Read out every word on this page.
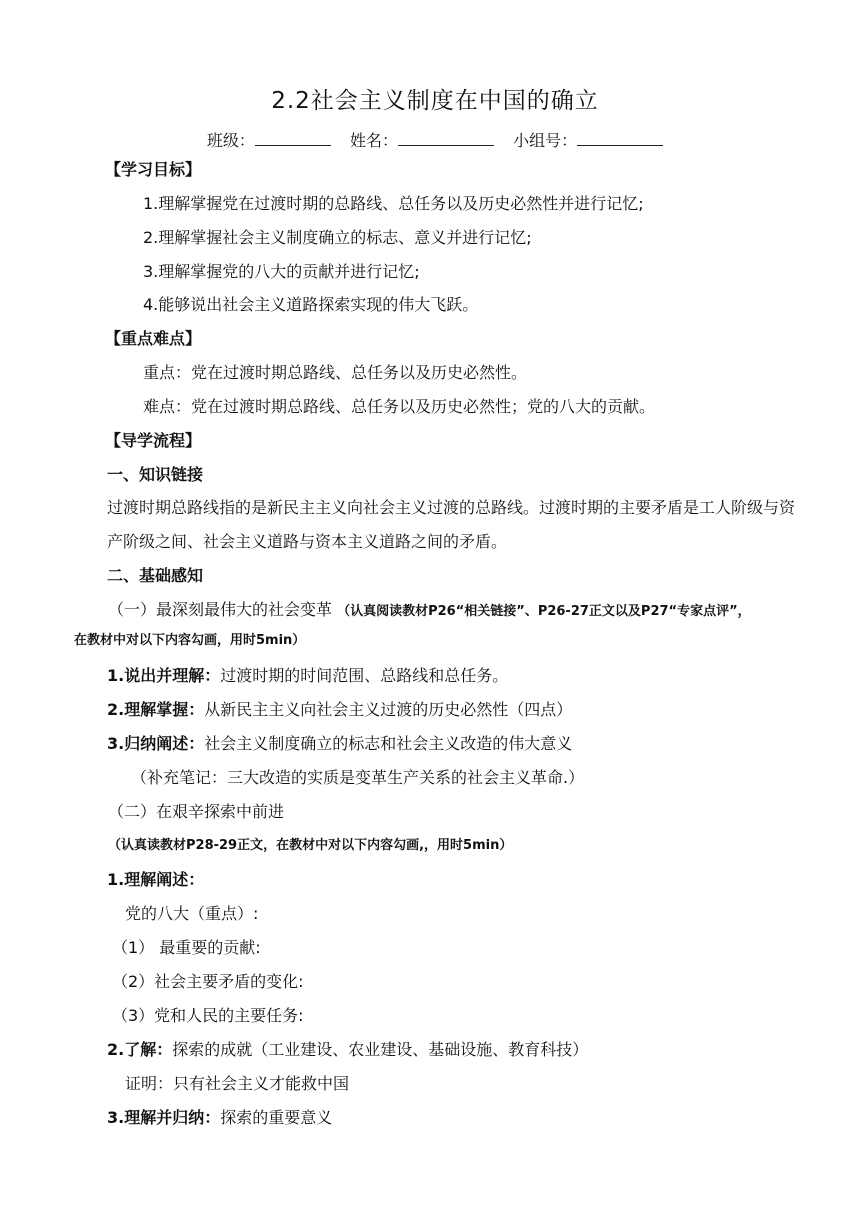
2.2社会主义制度在中国的确立
班级：	姓名：	小组号：
【学习目标】
1.理解掌握党在过渡时期的总路线、总任务以及历史必然性并进行记忆;
2.理解掌握社会主义制度确立的标志、意义并进行记忆;
3.理解掌握党的八大的贡献并进行记忆;
4.能够说出社会主义道路探索实现的伟大飞跃。
【重点难点】
重点：党在过渡时期总路线、总任务以及历史必然性。
难点：党在过渡时期总路线、总任务以及历史必然性；党的八大的贡献。
【导学流程】
一、知识链接
过渡时期总路线指的是新民主主义向社会主义过渡的总路线。过渡时期的主要矛盾是工人阶级与资产阶级之间、社会主义道路与资本主义道路之间的矛盾。
二、基础感知
（一）最深刻最伟大的社会变革 （认真阅读教材P26“相关链接”、P26-27正文以及P27“专家点评”，
在教材中对以下内容勾画，用时5min）
1.说出并理解：过渡时期的时间范围、总路线和总任务。
2.理解掌握：从新民主主义向社会主义过渡的历史必然性（四点）
3.归纳阐述：社会主义制度确立的标志和社会主义改造的伟大意义
（补充笔记：三大改造的实质是变革生产关系的社会主义革命.）
（二）在艰辛探索中前进
（认真读教材P28-29正文，在教材中对以下内容勾画,，用时5min）
1.理解阐述：
党的八大（重点）:
（1） 最重要的贡献:
（2）社会主要矛盾的变化:
（3）党和人民的主要任务:
2.了解：探索的成就（工业建设、农业建设、基础设施、教育科技）
证明：只有社会主义才能救中国
3.理解并归纳：探索的重要意义
